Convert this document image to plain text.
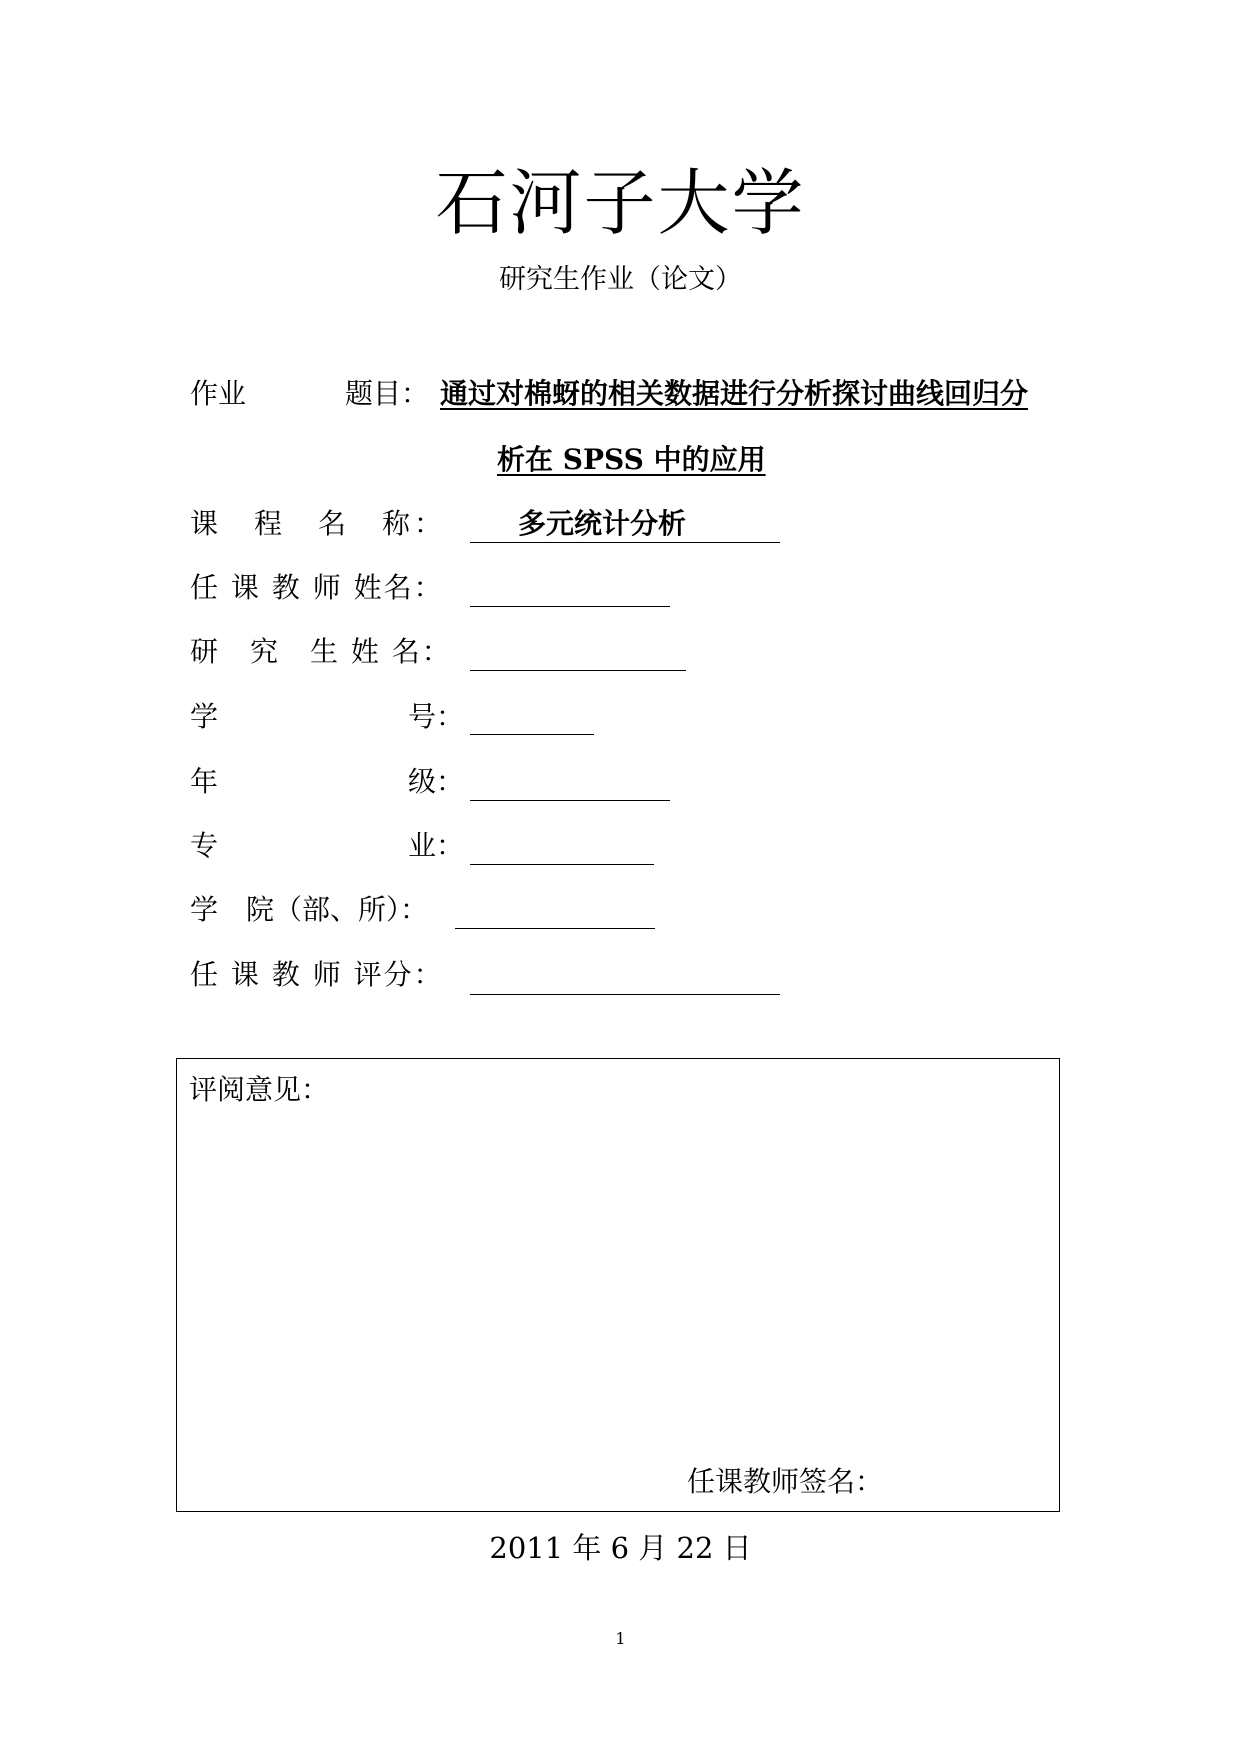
石河子大学
研究生作业（论文）
作业	题目： 通过对棉蚜的相关数据进行分析探讨曲线回归分
析在 SPSS 中的应用
课　程　名　称：	多元统计分析
任 课 教 师 姓名：
研　究　生 姓 名：
学	号：
年	级：
专	业：
学　院（部、所）：
任 课 教 师 评分：
评阅意见：
任课教师签名：
2011 年 6 月 22 日
1
